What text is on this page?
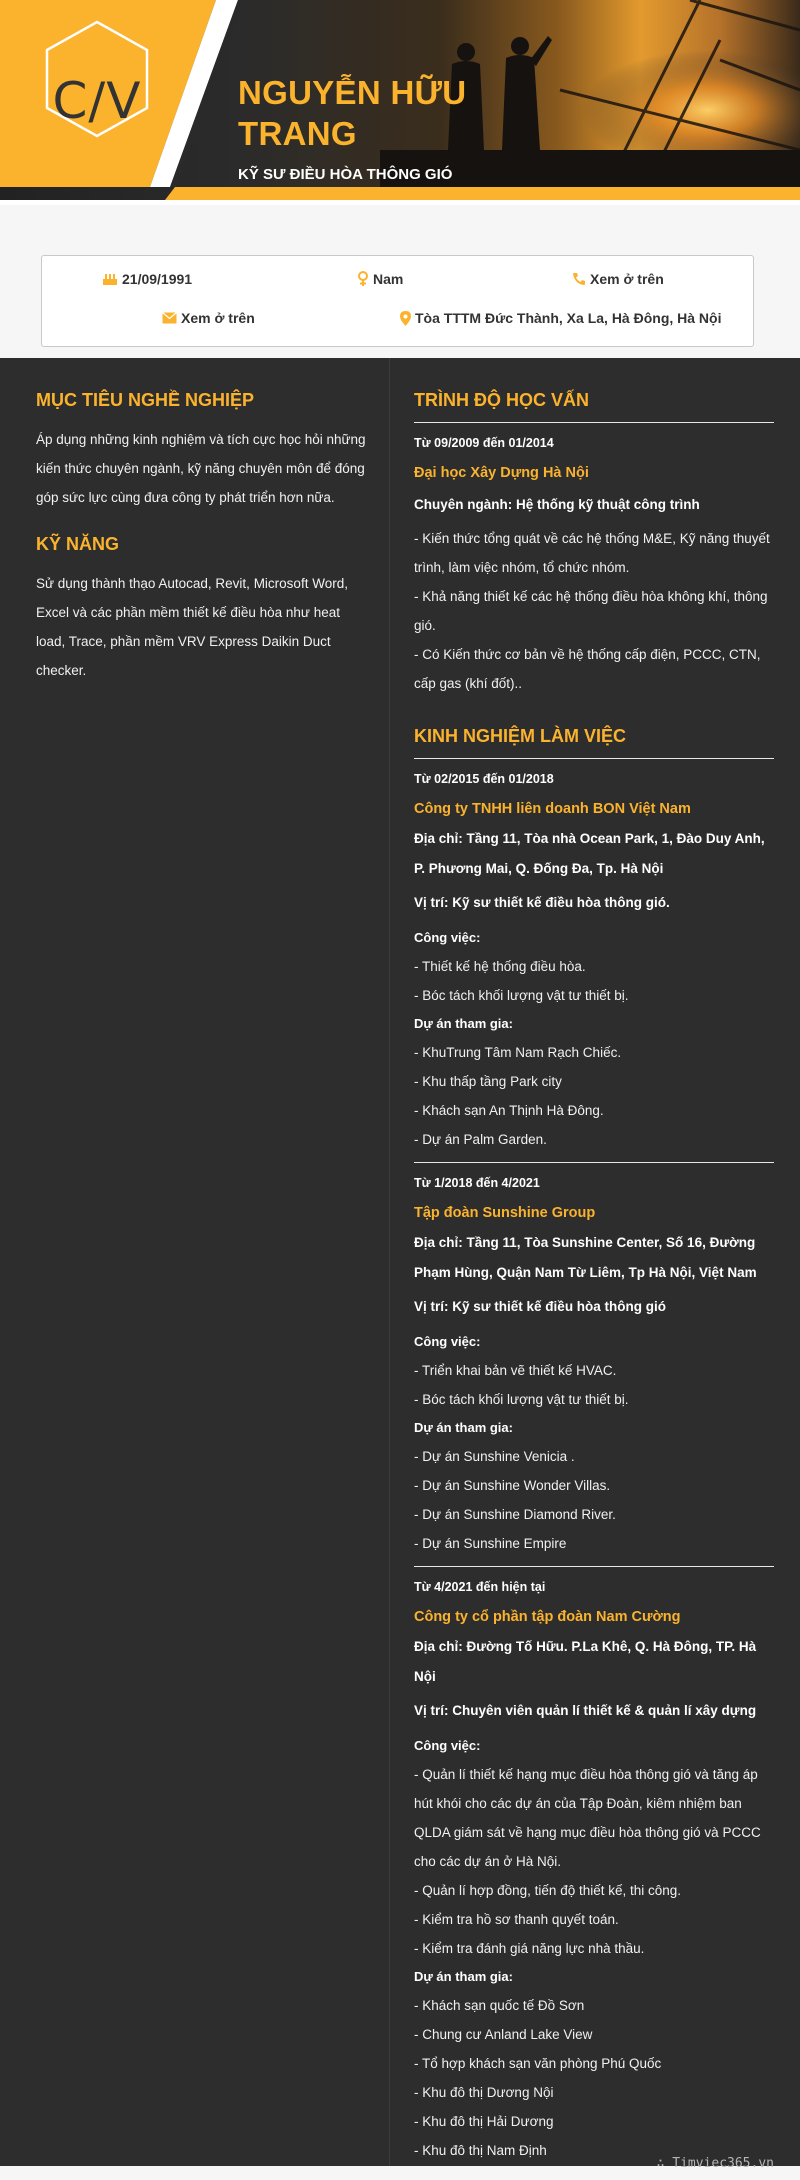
C/V	NGUYỄN HỮU
TRANG
KỸ SƯ ĐIỀU HÒA THÔNG GIÓ
21/09/1991	Nam	Xem ở trên
Xem ở trên	Tòa TTTM Đức Thành, Xa La, Hà Đông, Hà Nội
MỤC TIÊU NGHỀ NGHIỆP
Áp dụng những kinh nghiệm và tích cực học hỏi những kiến thức chuyên ngành, kỹ năng chuyên môn để đóng góp sức lực cùng đưa công ty phát triển hơn nữa.
KỸ NĂNG
Sử dụng thành thạo Autocad, Revit, Microsoft Word, Excel và các phần mềm thiết kế điều hòa như heat load, Trace, phần mềm VRV Express Daikin Duct checker.
TRÌNH ĐỘ HỌC VẤN
Từ 09/2009 đến 01/2014
Đại học Xây Dựng Hà Nội
Chuyên ngành: Hệ thống kỹ thuật công trình
- Kiến thức tổng quát về các hệ thống M&E, Kỹ năng thuyết trình, làm việc nhóm, tổ chức nhóm.
- Khả năng thiết kế các hệ thống điều hòa không khí, thông gió.
- Có Kiến thức cơ bản về hệ thống cấp điện, PCCC, CTN, cấp gas (khí đốt)..
KINH NGHIỆM LÀM VIỆC
Từ 02/2015 đến 01/2018
Công ty TNHH liên doanh BON Việt Nam
Địa chỉ: Tầng 11, Tòa nhà Ocean Park, 1, Đào Duy Anh, P. Phương Mai, Q. Đống Đa, Tp. Hà Nội
Vị trí: Kỹ sư thiết kế điều hòa thông gió.
Công việc:
- Thiết kế hệ thống điều hòa.
- Bóc tách khối lượng vật tư thiết bị.
Dự án tham gia:
- KhuTrung Tâm Nam Rạch Chiếc.
- Khu thấp tầng Park city
- Khách sạn An Thịnh Hà Đông.
- Dự án Palm Garden.
Từ 1/2018 đến 4/2021
Tập đoàn Sunshine Group
Địa chỉ: Tầng 11, Tòa Sunshine Center, Số 16, Đường Phạm Hùng, Quận Nam Từ Liêm, Tp Hà Nội, Việt Nam
Vị trí: Kỹ sư thiết kế điều hòa thông gió
Công việc:
- Triển khai bản vẽ thiết kế HVAC.
- Bóc tách khối lượng vật tư thiết bị.
Dự án tham gia:
- Dự án Sunshine Venicia .
- Dự án Sunshine Wonder Villas.
- Dự án Sunshine Diamond River.
- Dự án Sunshine Empire
Từ 4/2021 đến hiện tại
Công ty cổ phần tập đoàn Nam Cường
Địa chỉ: Đường Tố Hữu. P.La Khê, Q. Hà Đông, TP. Hà Nội
Vị trí: Chuyên viên quản lí thiết kế & quản lí xây dựng
Công việc:
- Quản lí thiết kế hạng mục điều hòa thông gió và tăng áp hút khói cho các dự án của Tập Đoàn, kiêm nhiệm ban QLDA giám sát về hạng mục điều hòa thông gió và PCCC cho các dự án ở Hà Nội.
- Quản lí hợp đồng, tiến độ thiết kế, thi công.
- Kiểm tra hồ sơ thanh quyết toán.
- Kiểm tra đánh giá năng lực nhà thầu.
Dự án tham gia:
- Khách sạn quốc tế Đồ Sơn
- Chung cư Anland Lake View
- Tổ hợp khách sạn văn phòng Phú Quốc
- Khu đô thị Dương Nội
- Khu đô thị Hải Dương
- Khu đô thị Nam Định
∴ Timviec365.vn
